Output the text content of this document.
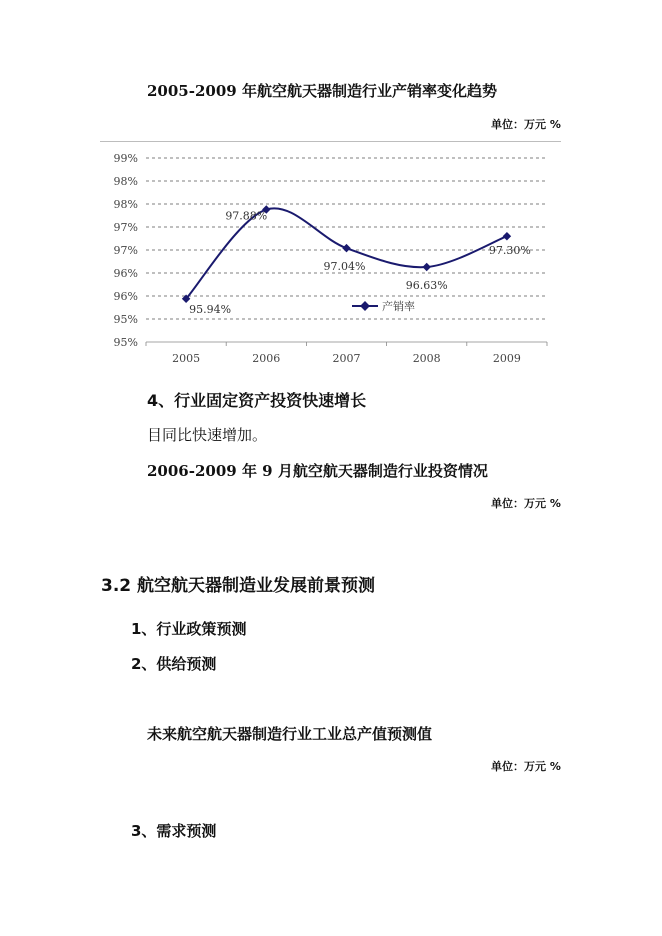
2005-2009 年航空航天器制造行业产销率变化趋势
单位：万元 %
99%
98%
98%
97%
97%
96%
96%
95%
95%
2005	2006	2007	2008	2009
95.94%
97.88%
97.04%
96.63%
97.30%
产销率
4、行业固定资产投资快速增长
目同比快速增加。
2006-2009 年 9 月航空航天器制造行业投资情况
单位：万元 %
3.2 航空航天器制造业发展前景预测
1、行业政策预测
2、供给预测
未来航空航天器制造行业工业总产值预测值
单位：万元 %
3、需求预测
